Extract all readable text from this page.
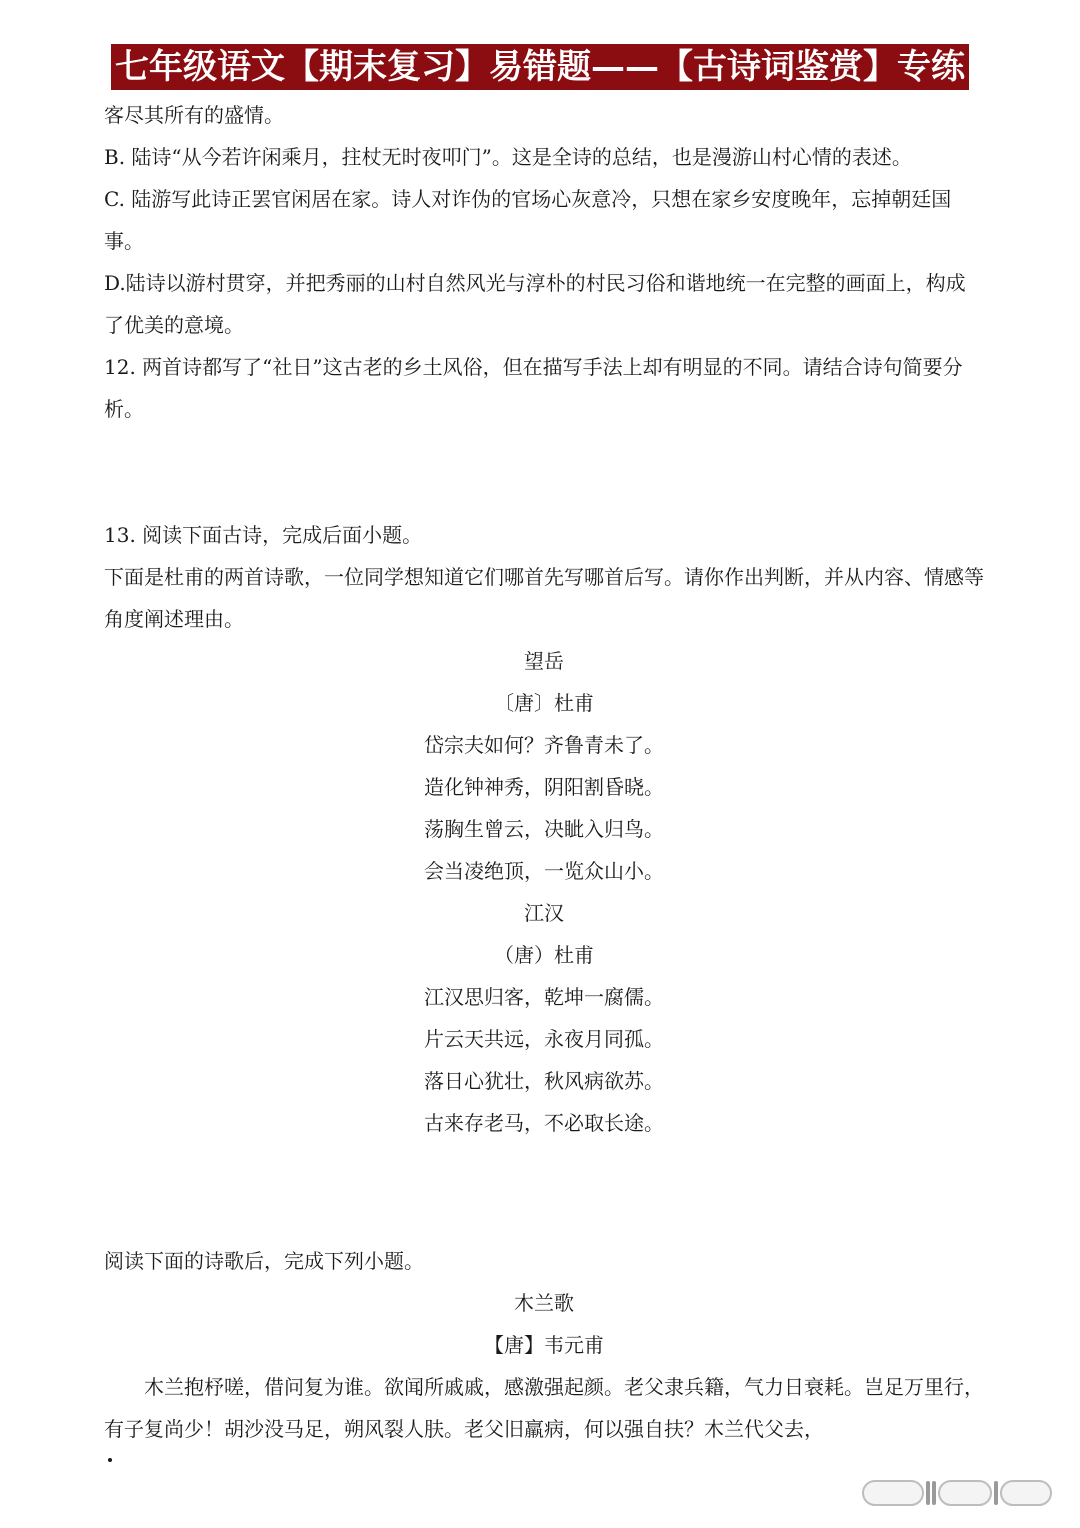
七年级语文【期末复习】易错题——【古诗词鉴赏】专练

客尽其所有的盛情。

B. 陆诗“从今若许闲乘月，拄杖无时夜叩门”。这是全诗的总结，也是漫游山村心情的表述。

C. 陆游写此诗正罢官闲居在家。诗人对诈伪的官场心灰意冷，只想在家乡安度晚年，忘掉朝廷国事。

D.陆诗以游村贯穿，并把秀丽的山村自然风光与淳朴的村民习俗和谐地统一在完整的画面上，构成了优美的意境。

12. 两首诗都写了“社日”这古老的乡土风俗，但在描写手法上却有明显的不同。请结合诗句简要分析。

13. 阅读下面古诗，完成后面小题。

下面是杜甫的两首诗歌，一位同学想知道它们哪首先写哪首后写。请你作出判断，并从内容、情感等角度阐述理由。

望岳

〔唐〕杜甫

岱宗夫如何？齐鲁青未了。

造化钟神秀，阴阳割昏晓。

荡胸生曾云，决眦入归鸟。

会当凌绝顶，一览众山小。

江汉

（唐）杜甫

江汉思归客，乾坤一腐儒。

片云天共远，永夜月同孤。

落日心犹壮，秋风病欲苏。

古来存老马，不必取长途。

阅读下面的诗歌后，完成下列小题。

木兰歌

【唐】韦元甫

木兰抱杼嗟，借问复为谁。欲闻所戚戚，感激强起颜。老父隶兵籍，气力日衰耗。岂足万里行，有子复尚少！胡沙没马足，朔风裂人肤。老父旧羸病，何以强自扶？木兰代父去，
